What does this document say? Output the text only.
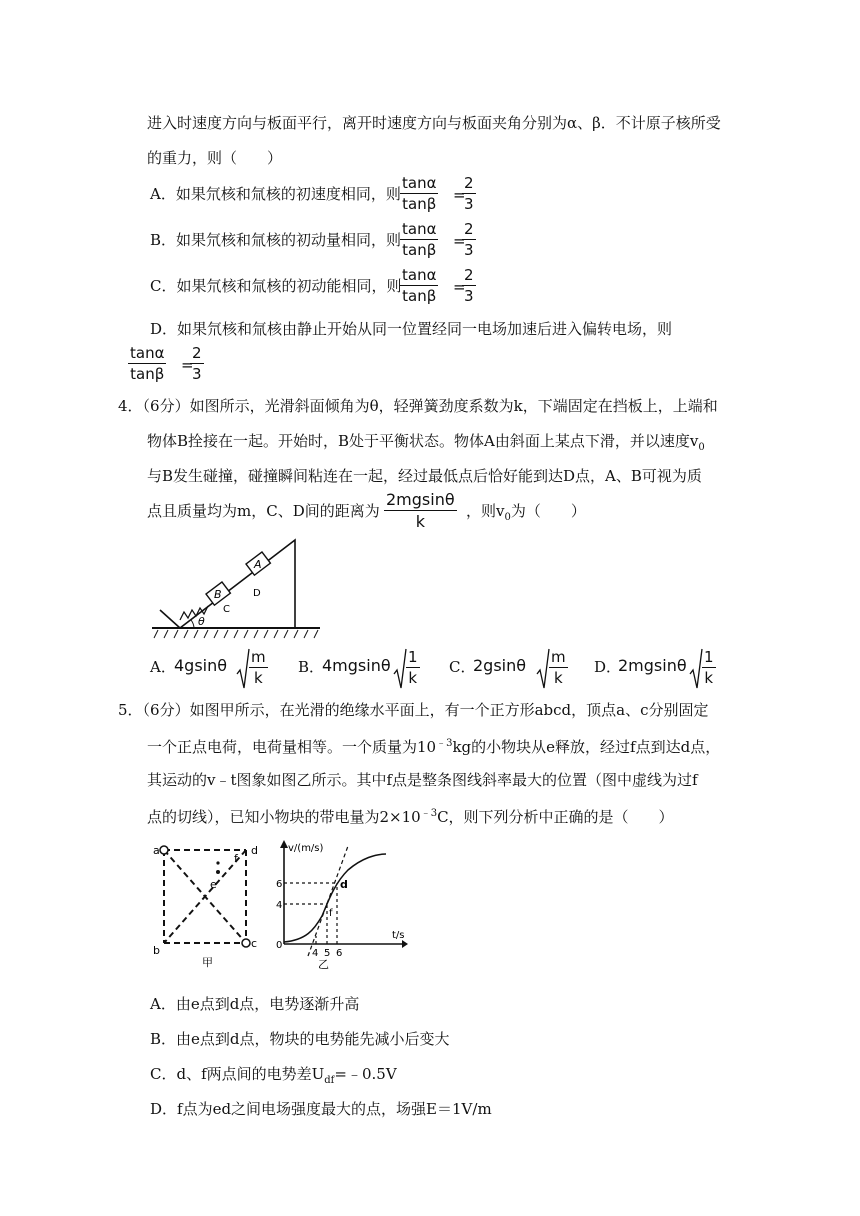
进入时速度方向与板面平行，离开时速度方向与板面夹角分别为α、β．不计原子核所受
的重力，则（　　）
A．如果氘核和氚核的初速度相同，则 $\frac{\tan\alpha}{\tan\beta}$ =
$\frac{2}{3}$
B．如果氘核和氚核的初动量相同，则
$\frac{\tan\alpha}{\tan\beta}$ =
$\frac{2}{3}$
C．如果氘核和氚核的初动能相同，则
$\frac{\tan\alpha}{\tan\beta}$ =
$\frac{2}{3}$
D．如果氘核和氚核由静止开始从同一位置经同一电场加速后进入偏转电场，则
$\frac{\tan\alpha}{\tan\beta}$ =
$\frac{2}{3}$
4．（6分）如图所示，光滑斜面倾角为θ，轻弹簧劲度系数为k，下端固定在挡板上，上端和
物体B拴接在一起。开始时，B处于平衡状态。物体A由斜面上某点下滑，并以速度$v_0$
与B发生碰撞，碰撞瞬间粘连在一起，经过最低点后恰好能到达D点，A、B可视为质
点且质量均为m，C、D间的距离为 $\frac{2mgsin\theta}{k}$ ，则$v_0$为（　　）
B
A
C
D
θ
A．
$4gsin\theta \frac{m}{k}$ B．
$4mgsin\theta \frac{1}{k}$ C．
$2gsin\theta \frac{m}{k}$ D．
$2mgsin\theta \frac{1}{k}$
5．（6分）如图甲所示，在光滑的绝缘水平面上，有一个正方形abcd，顶点a、c分别固定
一个正点电荷，电荷量相等。一个质量为$10^{﹣3}kg$的小物块从e释放，经过f点到达d点，
其运动的v﹣t图象如图乙所示。其中f点是整条图线斜率最大的位置（图中虚线为过f
点的切线），已知小物块的带电量为$2\times 10^{﹣3}C$，则下列分析中正确的是（　　）
a	d
b
c
e
f
甲
v/(m/s)
t/s
0
6
4
4 5 6
f
d
乙
A．由e点到d点，电势逐渐升高
B．由e点到d点，物块的电势能先减小后变大
C．d、f两点间的电势差$U_{df}=﹣0.5V$
D．f点为ed之间电场强度最大的点，场强E＝1V/m
